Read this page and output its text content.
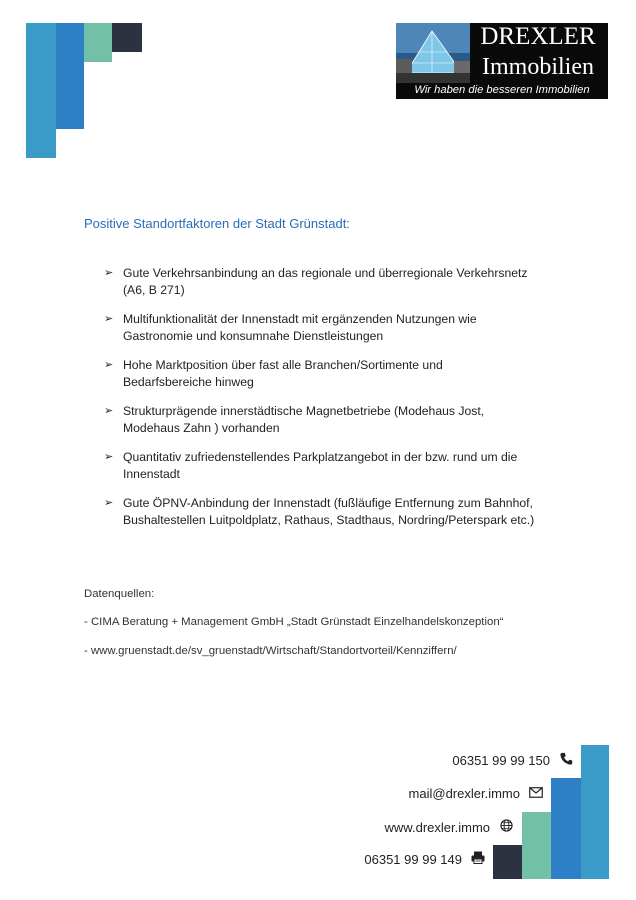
DREXLER
Immobilien
Wir haben die besseren Immobilien
Positive Standortfaktoren der Stadt Grünstadt:
➢ Gute Verkehrsanbindung an das regionale und überregionale Verkehrsnetz
(A6, B 271)
➢ Multifunktionalität der Innenstadt mit ergänzenden Nutzungen wie
Gastronomie und konsumnahe Dienstleistungen
➢ Hohe Marktposition über fast alle Branchen/Sortimente und
Bedarfsbereiche hinweg
➢ Strukturprägende innerstädtische Magnetbetriebe (Modehaus Jost,
Modehaus Zahn ) vorhanden
➢ Quantitativ zufriedenstellendes Parkplatzangebot in der bzw. rund um die
Innenstadt
➢ Gute ÖPNV-Anbindung der Innenstadt (fußläufige Entfernung zum Bahnhof,
Bushaltestellen Luitpoldplatz, Rathaus, Stadthaus, Nordring/Peterspark etc.)
Datenquellen:
- CIMA Beratung + Management GmbH „Stadt Grünstadt Einzelhandelskonzeption“
- www.gruenstadt.de/sv_gruenstadt/Wirtschaft/Standortvorteil/Kennziffern/
06351 99 99 150
mail@drexler.immo
www.drexler.immo
06351 99 99 149
